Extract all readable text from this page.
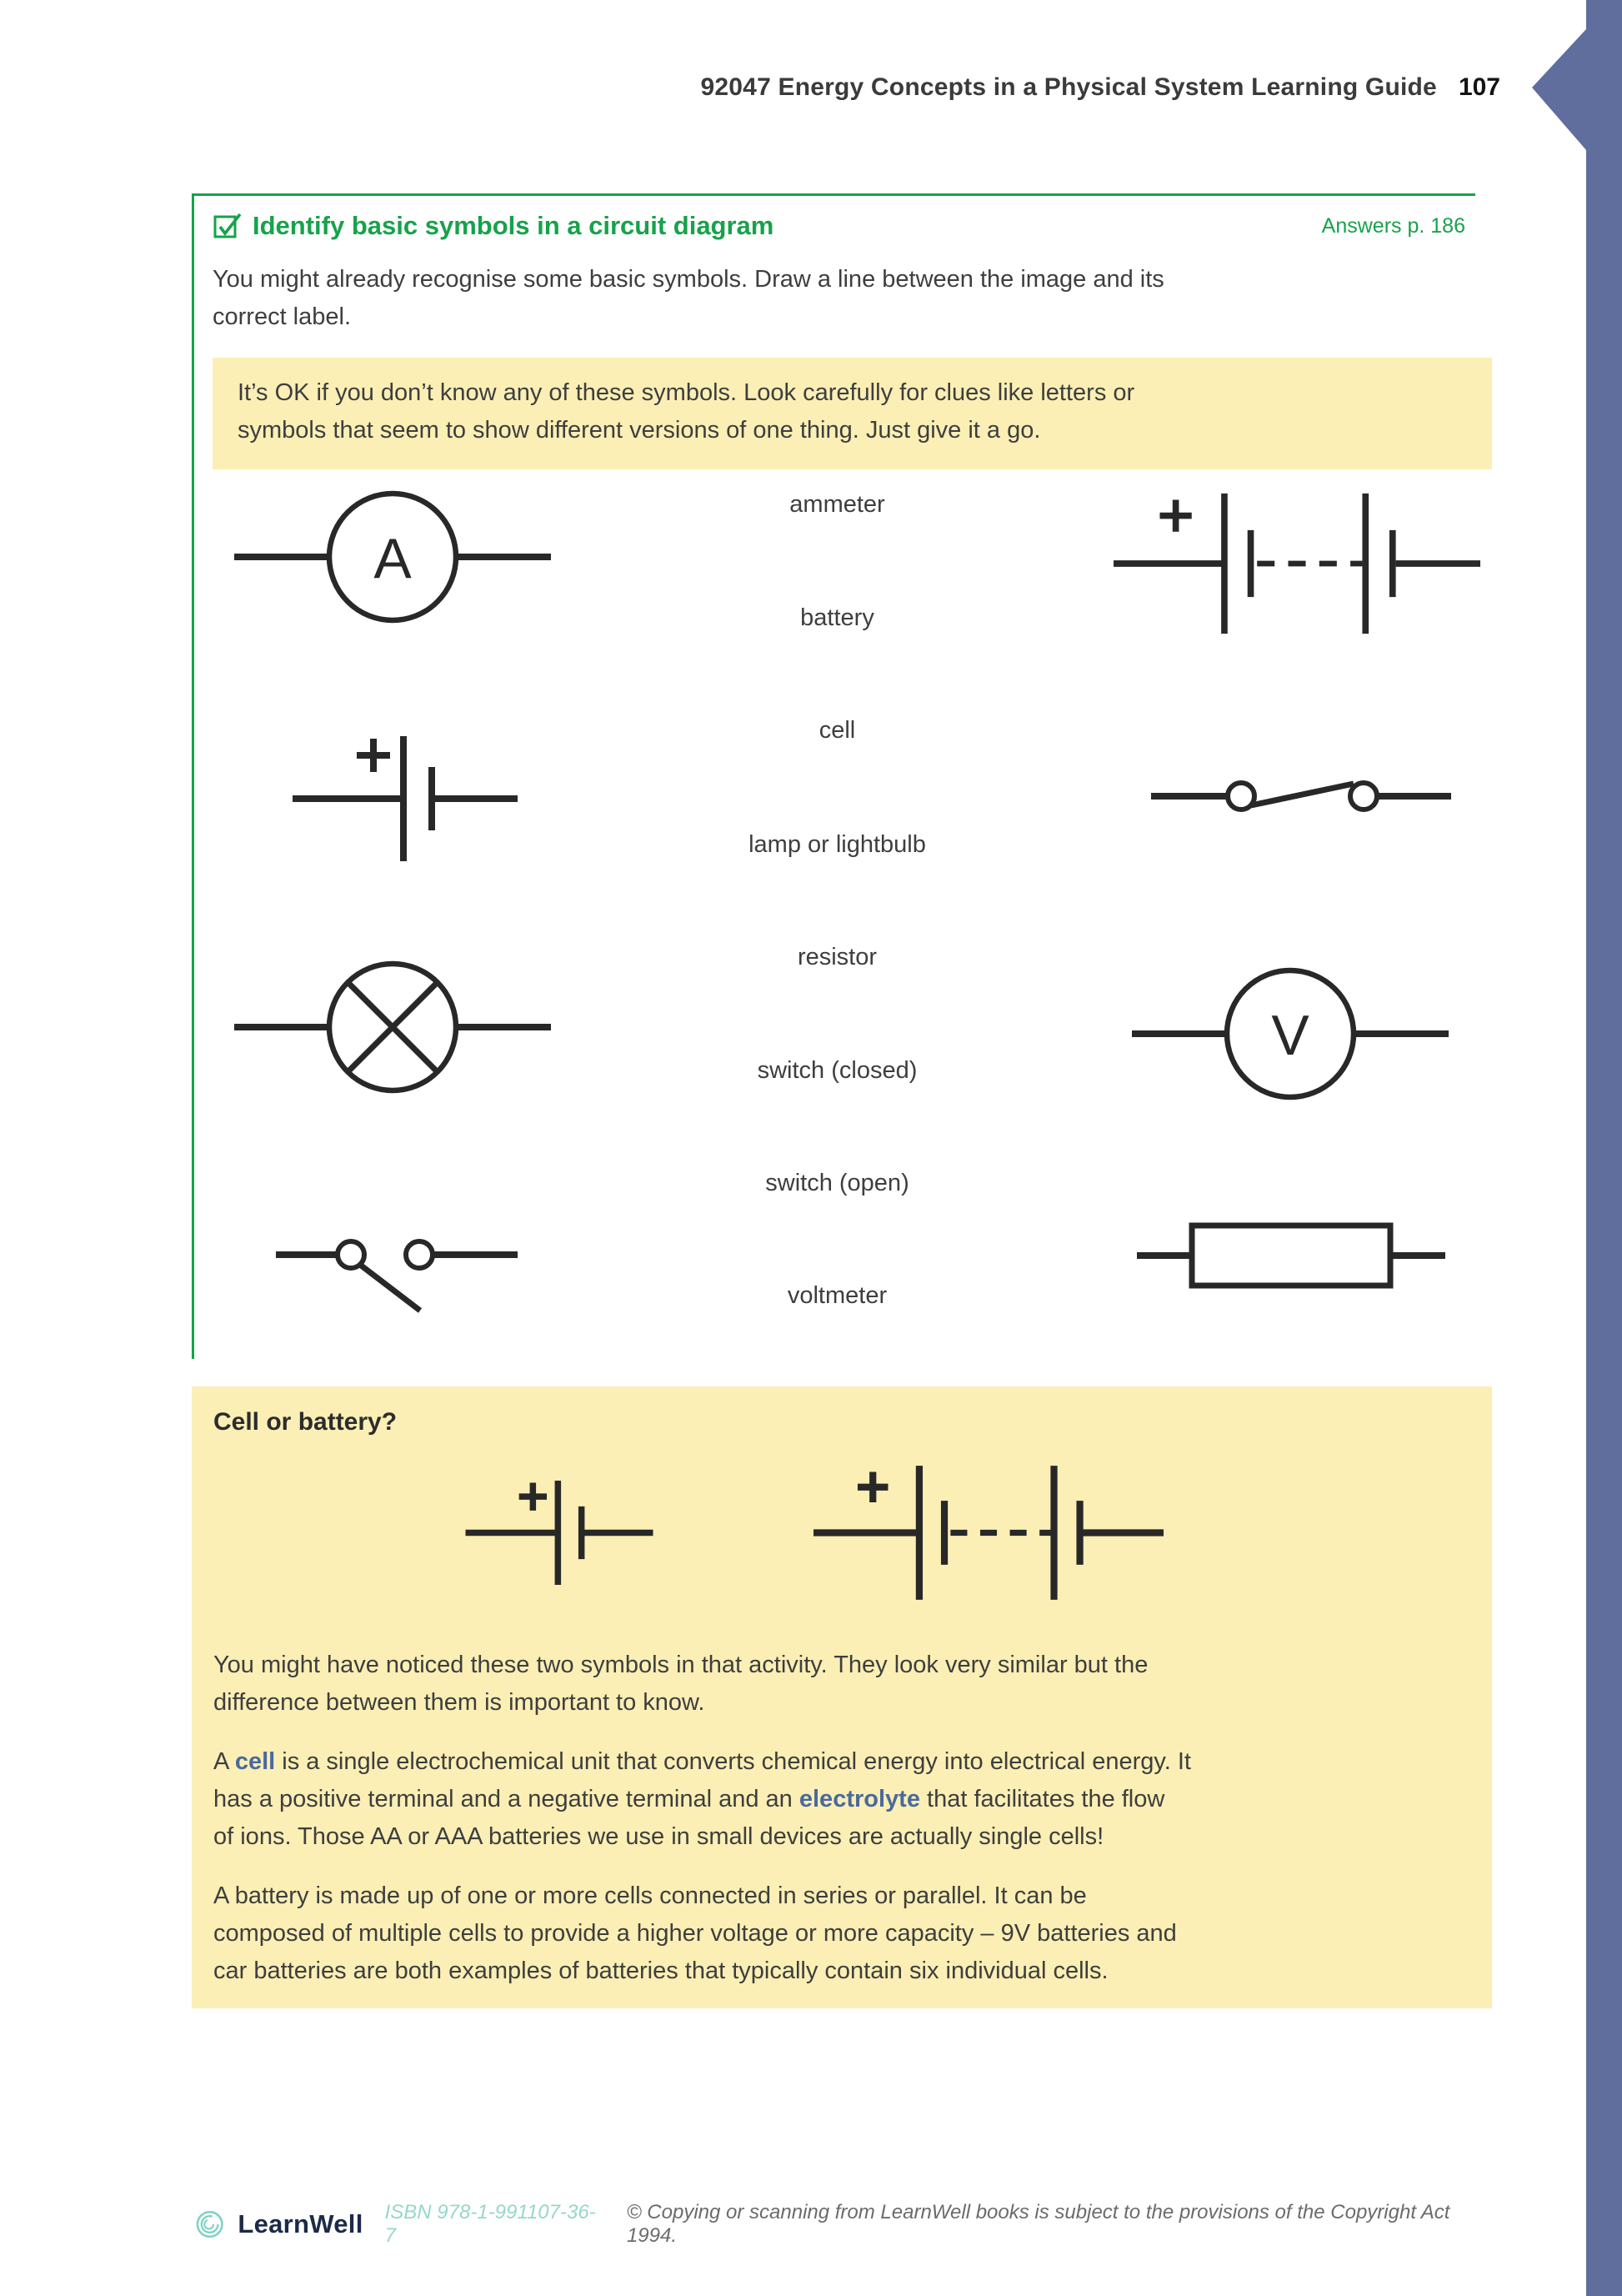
92047 Energy Concepts in a Physical System Learning Guide 107
Identify basic symbols in a circuit diagram	Answers p. 186
You might already recognise some basic symbols. Draw a line between the image and its
correct label.
It’s OK if you don’t know any of these symbols. Look carefully for clues like letters or
symbols that seem to show different versions of one thing. Just give it a go.
ammeter
battery
cell
lamp or lightbulb
resistor
switch (closed)
switch (open)
voltmeter
A
V
Cell or battery?
You might have noticed these two symbols in that activity. They look very similar but the
difference between them is important to know.
A cell is a single electrochemical unit that converts chemical energy into electrical energy. It
has a positive terminal and a negative terminal and an electrolyte that facilitates the flow
of ions. Those AA or AAA batteries we use in small devices are actually single cells!
A battery is made up of one or more cells connected in series or parallel. It can be
composed of multiple cells to provide a higher voltage or more capacity – 9V batteries and
car batteries are both examples of batteries that typically contain six individual cells.
LearnWell ISBN 978-1-991107-36-7
© Copying or scanning from LearnWell books is subject to the provisions of the Copyright Act 1994.
